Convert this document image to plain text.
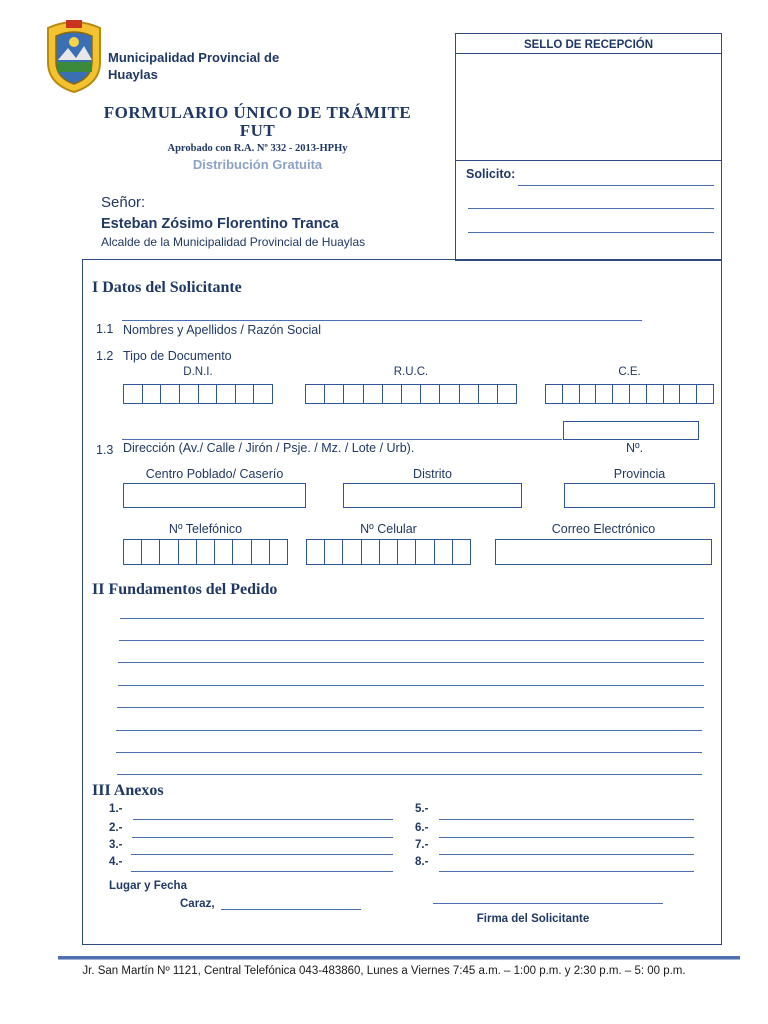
Municipalidad Provincial de
Huaylas
FORMULARIO ÚNICO DE TRÁMITE
FUT
Aprobado con R.A. Nº 332 - 2013-HPHy
Distribución Gratuita
Señor:
Esteban Zósimo Florentino Tranca
Alcalde de la Municipalidad Provincial de Huaylas
SELLO DE RECEPCIÓN
Solicito:
I Datos del Solicitante
1.1 Nombres y Apellidos / Razón Social
1.2 Tipo de Documento
D.N.I.	R.U.C.	C.E.
1.3 Dirección (Av./ Calle / Jirón / Psje. / Mz. / Lote / Urb).	Nº.
Centro Poblado/ Caserío	Distrito	Provincia
Nº Telefónico	Nº Celular	Correo Electrónico
II Fundamentos del Pedido
III Anexos
1.-
2.-
3.-
4.-
5.-
6.-
7.-
8.-
Lugar y Fecha
Caraz,
Firma del Solicitante
Jr. San Martín Nº 1121, Central Telefónica 043-483860, Lunes a Viernes 7:45 a.m. – 1:00 p.m. y 2:30 p.m. – 5: 00 p.m.
